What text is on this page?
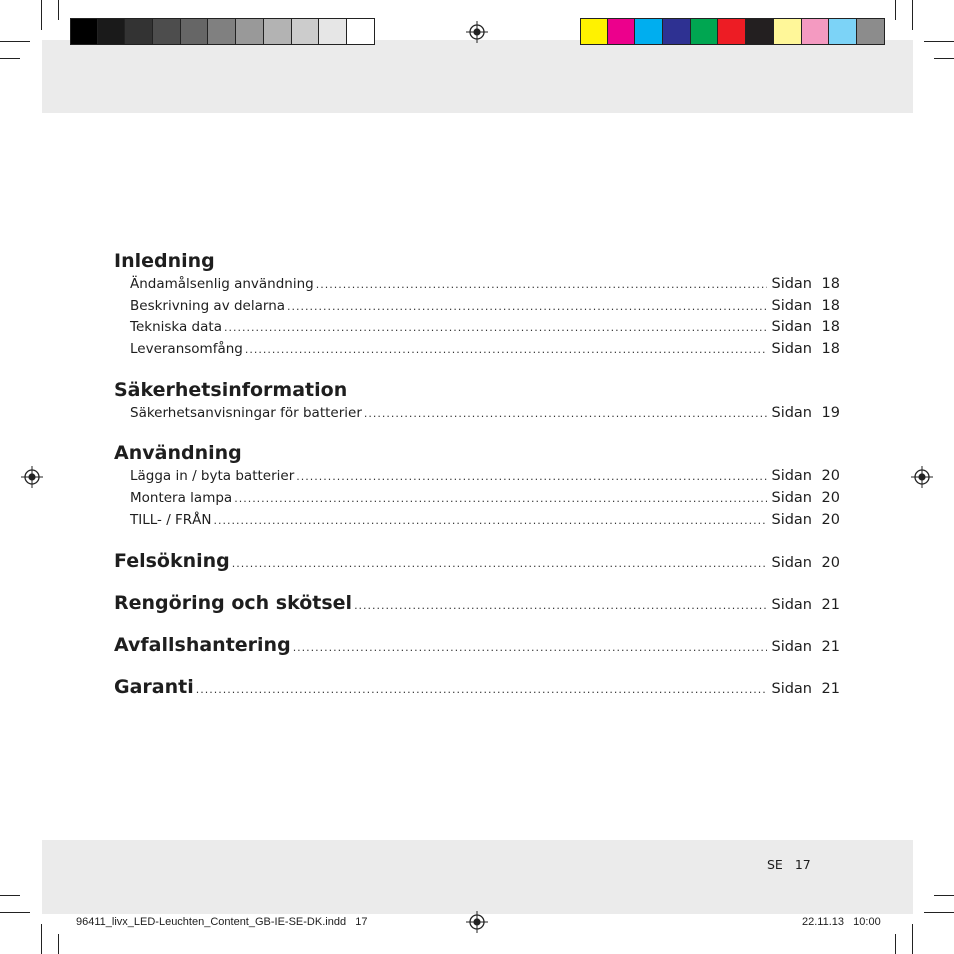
Inledning
Ändamålsenlig användning .....	Sidan 18
Beskrivning av delarna .....	Sidan 18
Tekniska data .....	Sidan 18
Leveransomfång .....	Sidan 18
Säkerhetsinformation
Säkerhetsanvisningar för batterier .....	Sidan 19
Användning
Lägga in / byta batterier .....	Sidan 20
Montera lampa .....	Sidan 20
TILL- / FRÅN .....	Sidan 20
Felsökning .....	Sidan 20
Rengöring och skötsel .....	Sidan 21
Avfallshantering .....	Sidan 21
Garanti .....	Sidan 21
SE 17
96411_livx_LED-Leuchten_Content_GB-IE-SE-DK.indd   17	22.11.13   10:00
